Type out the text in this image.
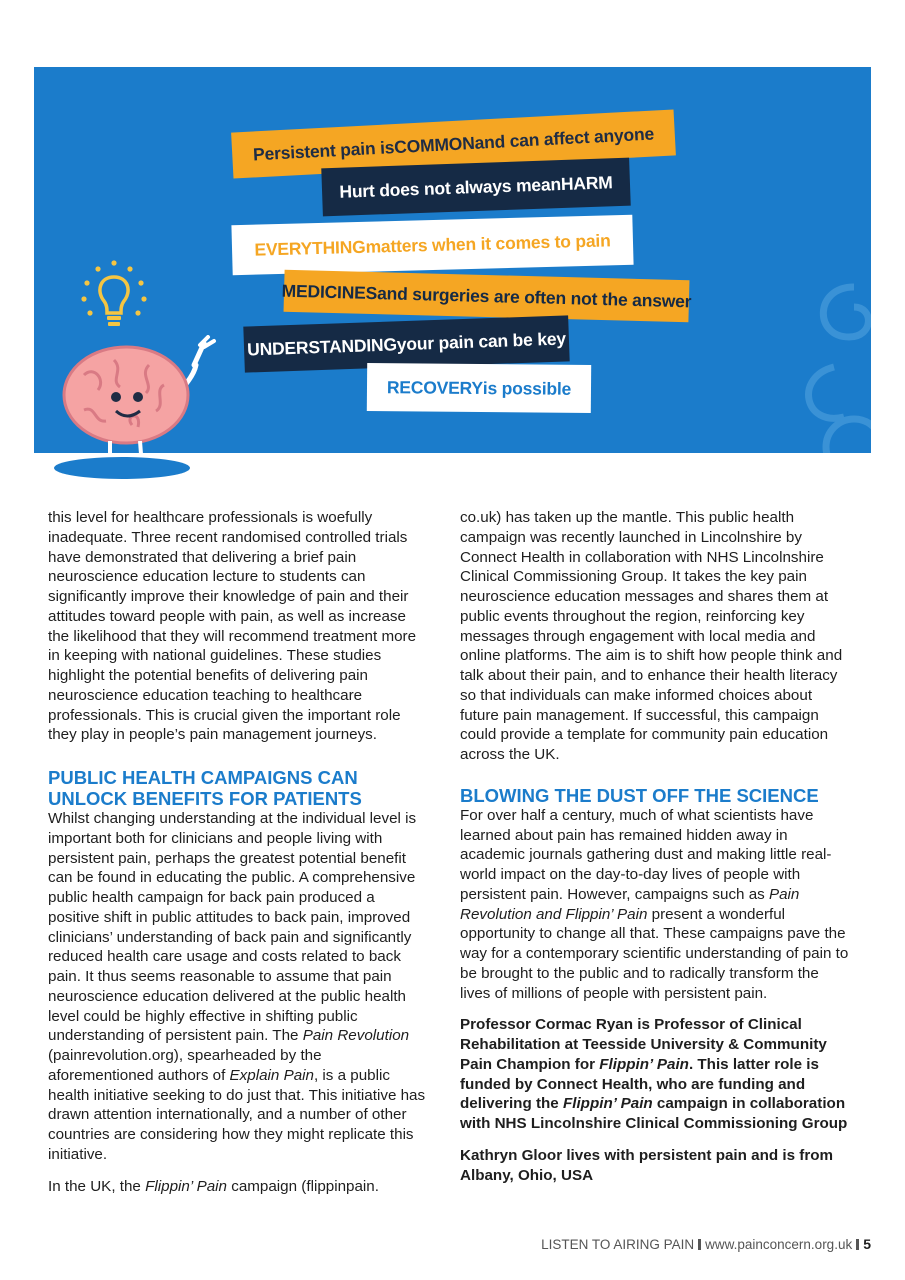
Persistent pain is
COMMON
and can affect anyone
Hurt does not always mean HARM
EVERYTHING matters when it comes to pain
MEDICINES and surgeries are often not the answer
UNDERSTANDING your pain can be key
RECOVERY is possible

this level for healthcare professionals is woefully inadequate. Three recent randomised controlled trials have demonstrated that delivering a brief pain neuroscience education lecture to students can significantly improve their knowledge of pain and their attitudes toward people with pain, as well as increase the likelihood that they will recommend treatment more in keeping with national guidelines. These studies highlight the potential benefits of delivering pain neuroscience education teaching to healthcare professionals. This is crucial given the important role they play in people’s pain management journeys.

PUBLIC HEALTH CAMPAIGNS CAN UNLOCK BENEFITS FOR PATIENTS

Whilst changing understanding at the individual level is important both for clinicians and people living with persistent pain, perhaps the greatest potential benefit can be found in educating the public. A comprehensive public health campaign for back pain produced a positive shift in public attitudes to back pain, improved clinicians’ understanding of back pain and significantly reduced health care usage and costs related to back pain. It thus seems reasonable to assume that pain neuroscience education delivered at the public health level could be highly effective in shifting public understanding of persistent pain. The Pain Revolution (painrevolution.org), spearheaded by the aforementioned authors of Explain Pain, is a public health initiative seeking to do just that. This initiative has drawn attention internationally, and a number of other countries are considering how they might replicate this initiative.

In the UK, the Flippin’ Pain campaign (flippinpain.

co.uk) has taken up the mantle. This public health campaign was recently launched in Lincolnshire by Connect Health in collaboration with NHS Lincolnshire Clinical Commissioning Group. It takes the key pain neuroscience education messages and shares them at public events throughout the region, reinforcing key messages through engagement with local media and online platforms. The aim is to shift how people think and talk about their pain, and to enhance their health literacy so that individuals can make informed choices about future pain management. If successful, this campaign could provide a template for community pain education across the UK.

BLOWING THE DUST OFF THE SCIENCE

For over half a century, much of what scientists have learned about pain has remained hidden away in academic journals gathering dust and making little real-world impact on the day-to-day lives of people with persistent pain. However, campaigns such as Pain Revolution and Flippin’ Pain present a wonderful opportunity to change all that. These campaigns pave the way for a contemporary scientific understanding of pain to be brought to the public and to radically transform the lives of millions of people with persistent pain.

Professor Cormac Ryan is Professor of Clinical Rehabilitation at Teesside University & Community Pain Champion for Flippin’ Pain. This latter role is funded by Connect Health, who are funding and delivering the Flippin’ Pain campaign in collaboration with NHS Lincolnshire Clinical Commissioning Group

Kathryn Gloor lives with persistent pain and is from Albany, Ohio, USA

LISTEN TO AIRING PAIN www.painconcern.org.uk 5
